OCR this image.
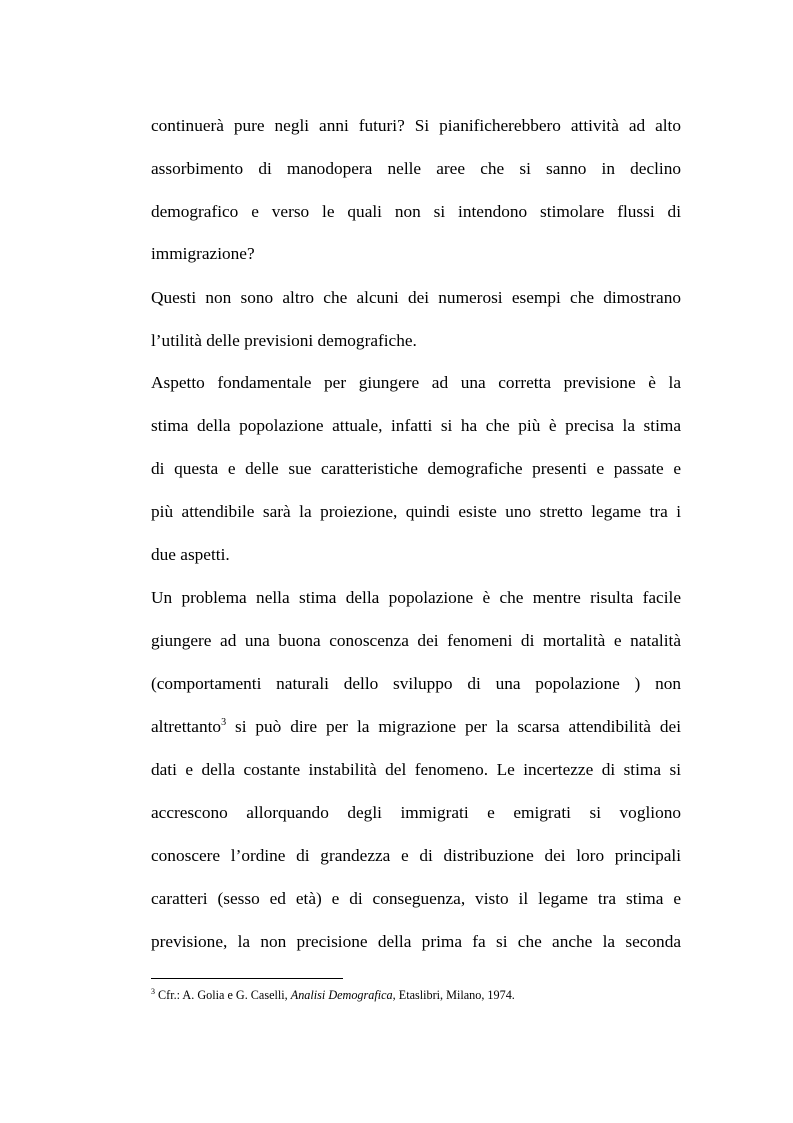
continuerà pure negli anni futuri? Si pianificherebbero attività ad alto
assorbimento di manodopera nelle aree che si sanno in declino
demografico e verso le quali non si intendono stimolare flussi di
immigrazione?
Questi non sono altro che alcuni dei numerosi esempi che dimostrano
l’utilità delle previsioni demografiche.
Aspetto fondamentale per giungere ad una corretta previsione è la
stima della popolazione attuale, infatti si ha che più è precisa la stima
di questa e delle sue caratteristiche demografiche presenti e passate e
più attendibile sarà la proiezione, quindi esiste uno stretto legame tra i
due aspetti.
Un problema nella stima della popolazione è che mentre risulta facile
giungere ad una buona conoscenza dei fenomeni di mortalità e natalità
(comportamenti naturali dello sviluppo di una popolazione ) non
altrettanto$^3$ si può dire per la migrazione per la scarsa attendibilità dei
dati e della costante instabilità del fenomeno. Le incertezze di stima si
accrescono allorquando degli immigrati e emigrati si vogliono
conoscere l’ordine di grandezza e di distribuzione dei loro principali
caratteri (sesso ed età) e di conseguenza, visto il legame tra stima e
previsione, la non precisione della prima fa si che anche la seconda
$^3$ Cfr.: A. Golia e G. Caselli, Analisi Demografica, Etaslibri, Milano, 1974.
